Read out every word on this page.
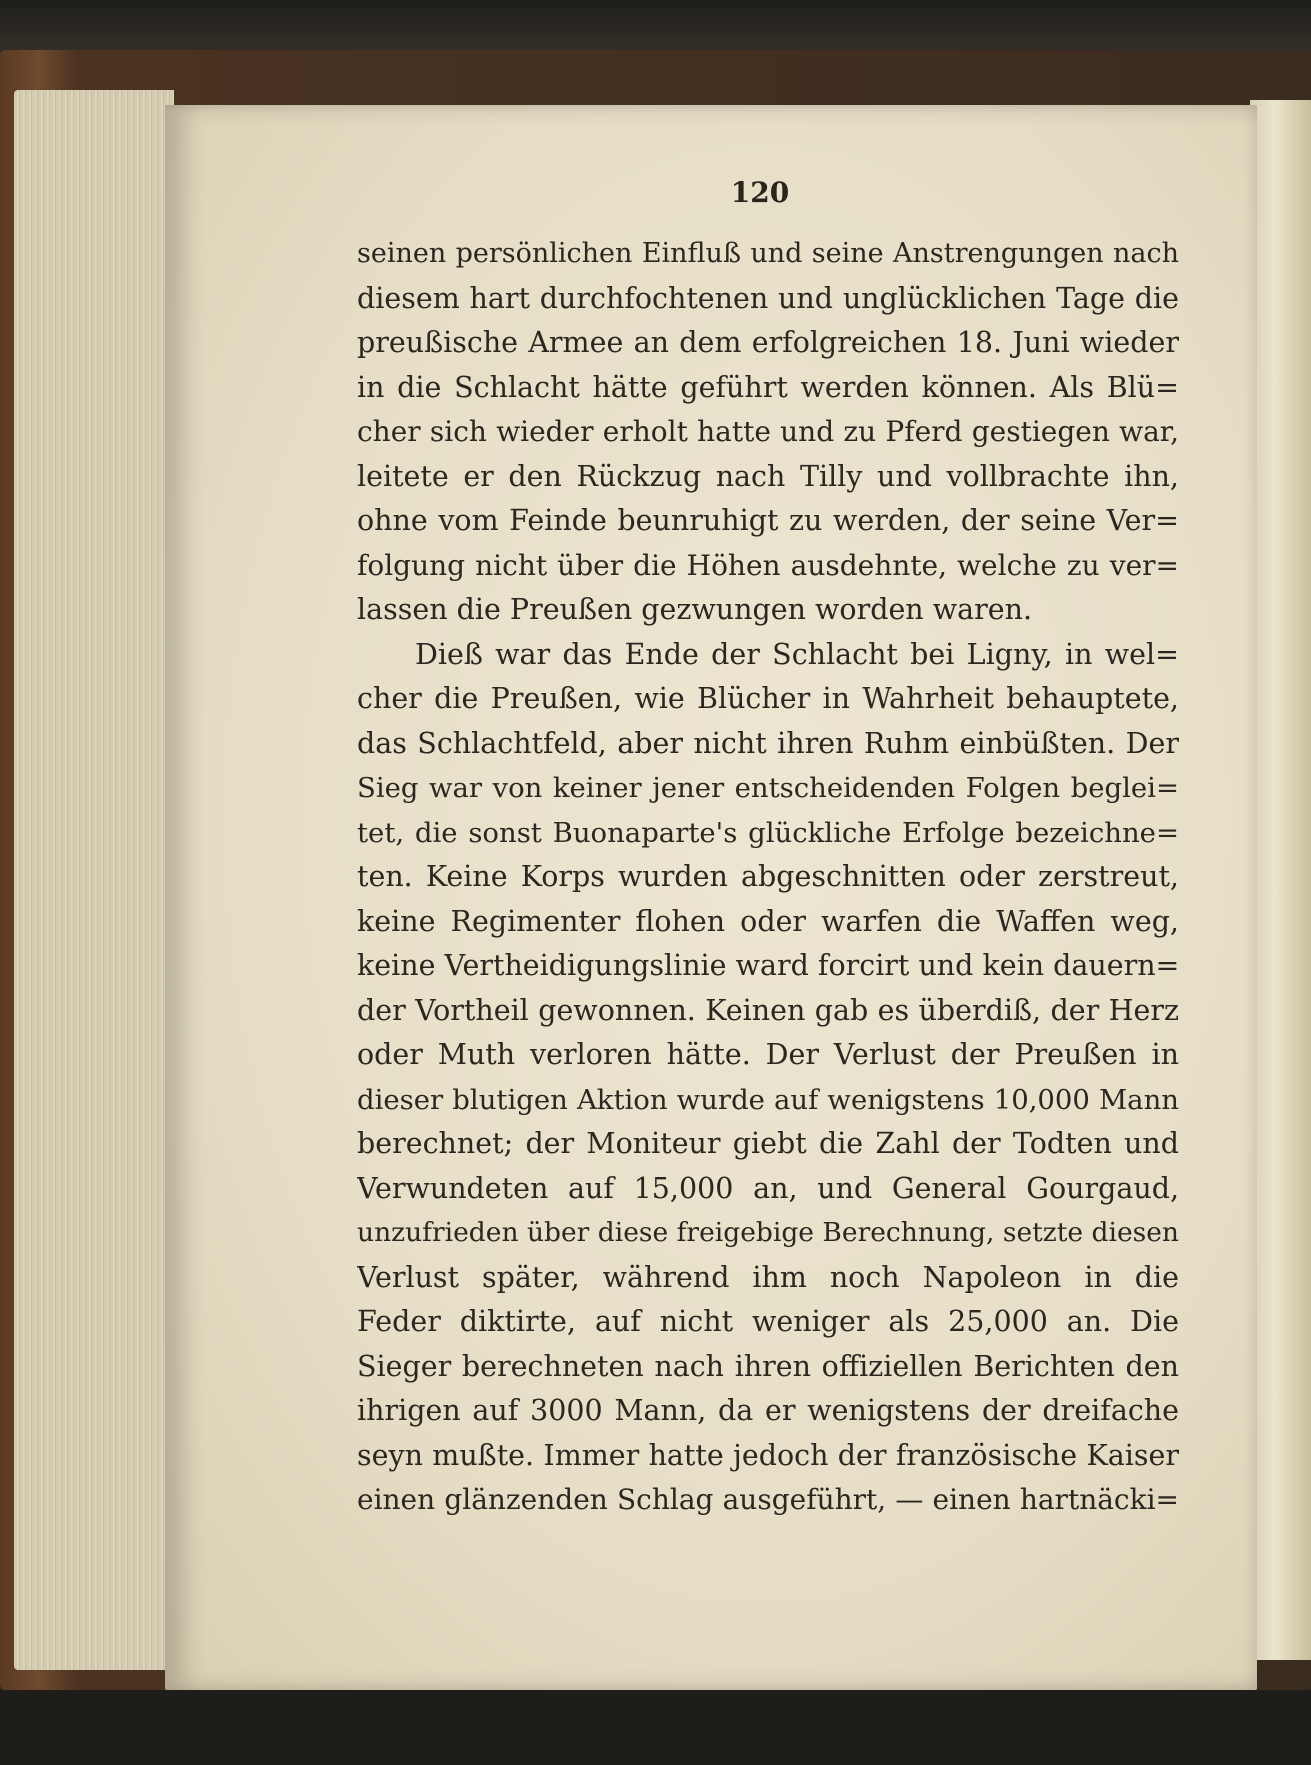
120
seinen persönlichen Einfluß und seine Anstrengungen nach
diesem hart durchfochtenen und unglücklichen Tage die
preußische Armee an dem erfolgreichen 18. Juni wieder
in die Schlacht hätte geführt werden können. Als Blü=
cher sich wieder erholt hatte und zu Pferd gestiegen war,
leitete er den Rückzug nach Tilly und vollbrachte ihn,
ohne vom Feinde beunruhigt zu werden, der seine Ver=
folgung nicht über die Höhen ausdehnte, welche zu ver=
lassen die Preußen gezwungen worden waren.
Dieß war das Ende der Schlacht bei Ligny, in wel=
cher die Preußen, wie Blücher in Wahrheit behauptete,
das Schlachtfeld, aber nicht ihren Ruhm einbüßten. Der
Sieg war von keiner jener entscheidenden Folgen beglei=
tet, die sonst Buonaparte's glückliche Erfolge bezeichne=
ten. Keine Korps wurden abgeschnitten oder zerstreut,
keine Regimenter flohen oder warfen die Waffen weg,
keine Vertheidigungslinie ward forcirt und kein dauern=
der Vortheil gewonnen. Keinen gab es überdiß, der Herz
oder Muth verloren hätte. Der Verlust der Preußen in
dieser blutigen Aktion wurde auf wenigstens 10,000 Mann
berechnet; der Moniteur giebt die Zahl der Todten und
Verwundeten auf 15,000 an, und General Gourgaud,
unzufrieden über diese freigebige Berechnung, setzte diesen
Verlust später, während ihm noch Napoleon in die
Feder diktirte, auf nicht weniger als 25,000 an. Die
Sieger berechneten nach ihren offiziellen Berichten den
ihrigen auf 3000 Mann, da er wenigstens der dreifache
seyn mußte. Immer hatte jedoch der französische Kaiser
einen glänzenden Schlag ausgeführt, — einen hartnäcki=
